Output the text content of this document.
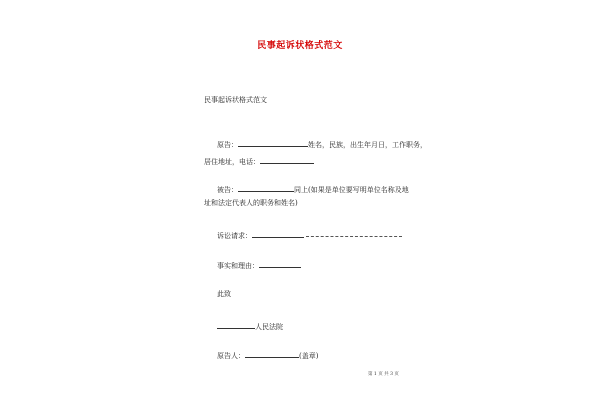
民事起诉状格式范文
民事起诉状格式范文
原告：	姓名，民族，出生年月日，工作职务，
居住地址，电话：
被告：	同上(如果是单位要写明单位名称及地
址和法定代表人的职务和姓名)
诉讼请求：
事实和理由：
此致
人民法院
原告人：	(盖章)
第 1 页 共 3 页
